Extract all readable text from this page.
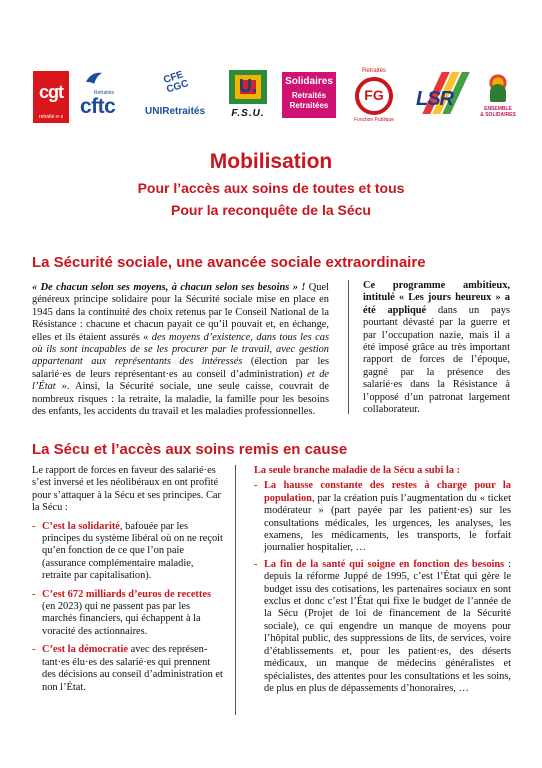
cgt
retraité·e·s
Retraités
cftc
CFE CGC
UNIRetraités
U.
F.S.U.
Solidaires
Retraités
Retraitées
Retraités
FG
Fonction Publique
LSR	ENSEMBLE
& SOLIDAIRES
Mobilisation
Pour l’accès aux soins de toutes et tous
Pour la reconquête de la Sécu
La Sécurité sociale, une avancée sociale extraordinaire

« De chacun selon ses moyens, à chacun selon ses besoins » ! Quel généreux principe solidaire pour la Sécurité sociale mise en place en 1945 dans la continuité des choix retenus par le Conseil National de la Résistance : chacune et chacun payait ce qu’il pouvait et, en échange, elles et ils étaient assurés « des moyens d’existence, dans tous les cas où ils sont incapables de se les procurer par le travail, avec gestion appartenant aux représentants des intéressés (élection par les salarié·es de leurs représentant·es au conseil d’administration) et de l’État ». Ainsi, la Sécurité sociale, une seule caisse, couvrait de nombreux risques : la retraite, la maladie, la famille pour les besoins des enfants, les accidents du travail et les maladies professionnelles.

Ce programme ambitieux, intitulé « Les jours heureux » a été appliqué dans un pays pourtant dévasté par la guerre et par l’occupation nazie, mais il a été imposé grâce au très important rapport de forces de l’époque, gagné par la présence des salarié·es dans la Résistance à l’opposé d’un patronat largement collaborateur.

La Sécu et l’accès aux soins remis en cause

Le rapport de forces en faveur des salarié·es s’est inversé et les néolibéraux en ont profité pour s’attaquer à la Sécu et ses principes. Car la Sécu :

- C’est la solidarité, bafouée par les principes du système libéral où on ne reçoit qu’en fonction de ce que l’on paie (assurance complémentaire maladie, retraite par capitalisation).
- C’est 672 milliards d’euros de recettes (en 2023) qui ne passent pas par les marchés financiers, qui échappent à la voracité des actionnaires.
- C’est la démocratie avec des représen-tant·es élu·es des salarié·es qui prennent des décisions au conseil d’administration et non l’État.

La seule branche maladie de la Sécu a subi la :

- La hausse constante des restes à charge pour la population, par la création puis l’augmentation du « ticket modérateur » (part payée par les patient·es) sur les consultations médicales, les urgences, les analyses, les examens, les médicaments, les transports, le forfait journalier hospitalier, …
- La fin de la santé qui soigne en fonction des besoins : depuis la réforme Juppé de 1995, c’est l’État qui gère le budget issu des cotisations, les partenaires sociaux en sont exclus et donc c’est l’État qui fixe le budget de l’année de la Sécu (Projet de loi de financement de la Sécurité sociale), ce qui engendre un manque de moyens pour l’hôpital public, des suppressions de lits, de services, voire d’établissements et, pour les patient·es, des déserts médicaux, un manque de médecins généralistes et spécialistes, des attentes pour les consultations et les soins, de plus en plus de dépassements d’honoraires, …
